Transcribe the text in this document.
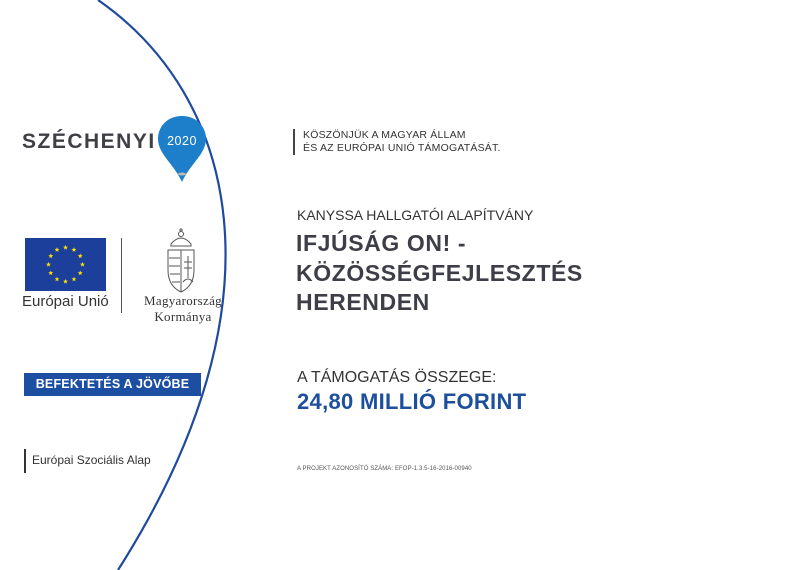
SZÉCHENYI 2020
Európai Unió	Magyarország
Kormánya
BEFEKTETÉS A JÖVŐBE
Európai Szociális Alap
KÖSZÖNJÜK A MAGYAR ÁLLAM
ÉS AZ EURÓPAI UNIÓ TÁMOGATÁSÁT.
KANYSSA HALLGATÓI ALAPÍTVÁNY
IFJÚSÁG ON! -
KÖZÖSSÉGFEJLESZTÉS
HERENDEN
A TÁMOGATÁS ÖSSZEGE:
24,80 MILLIÓ FORINT
A PROJEKT AZONOSÍTÓ SZÁMA: EFOP-1.3.5-16-2016-00940
